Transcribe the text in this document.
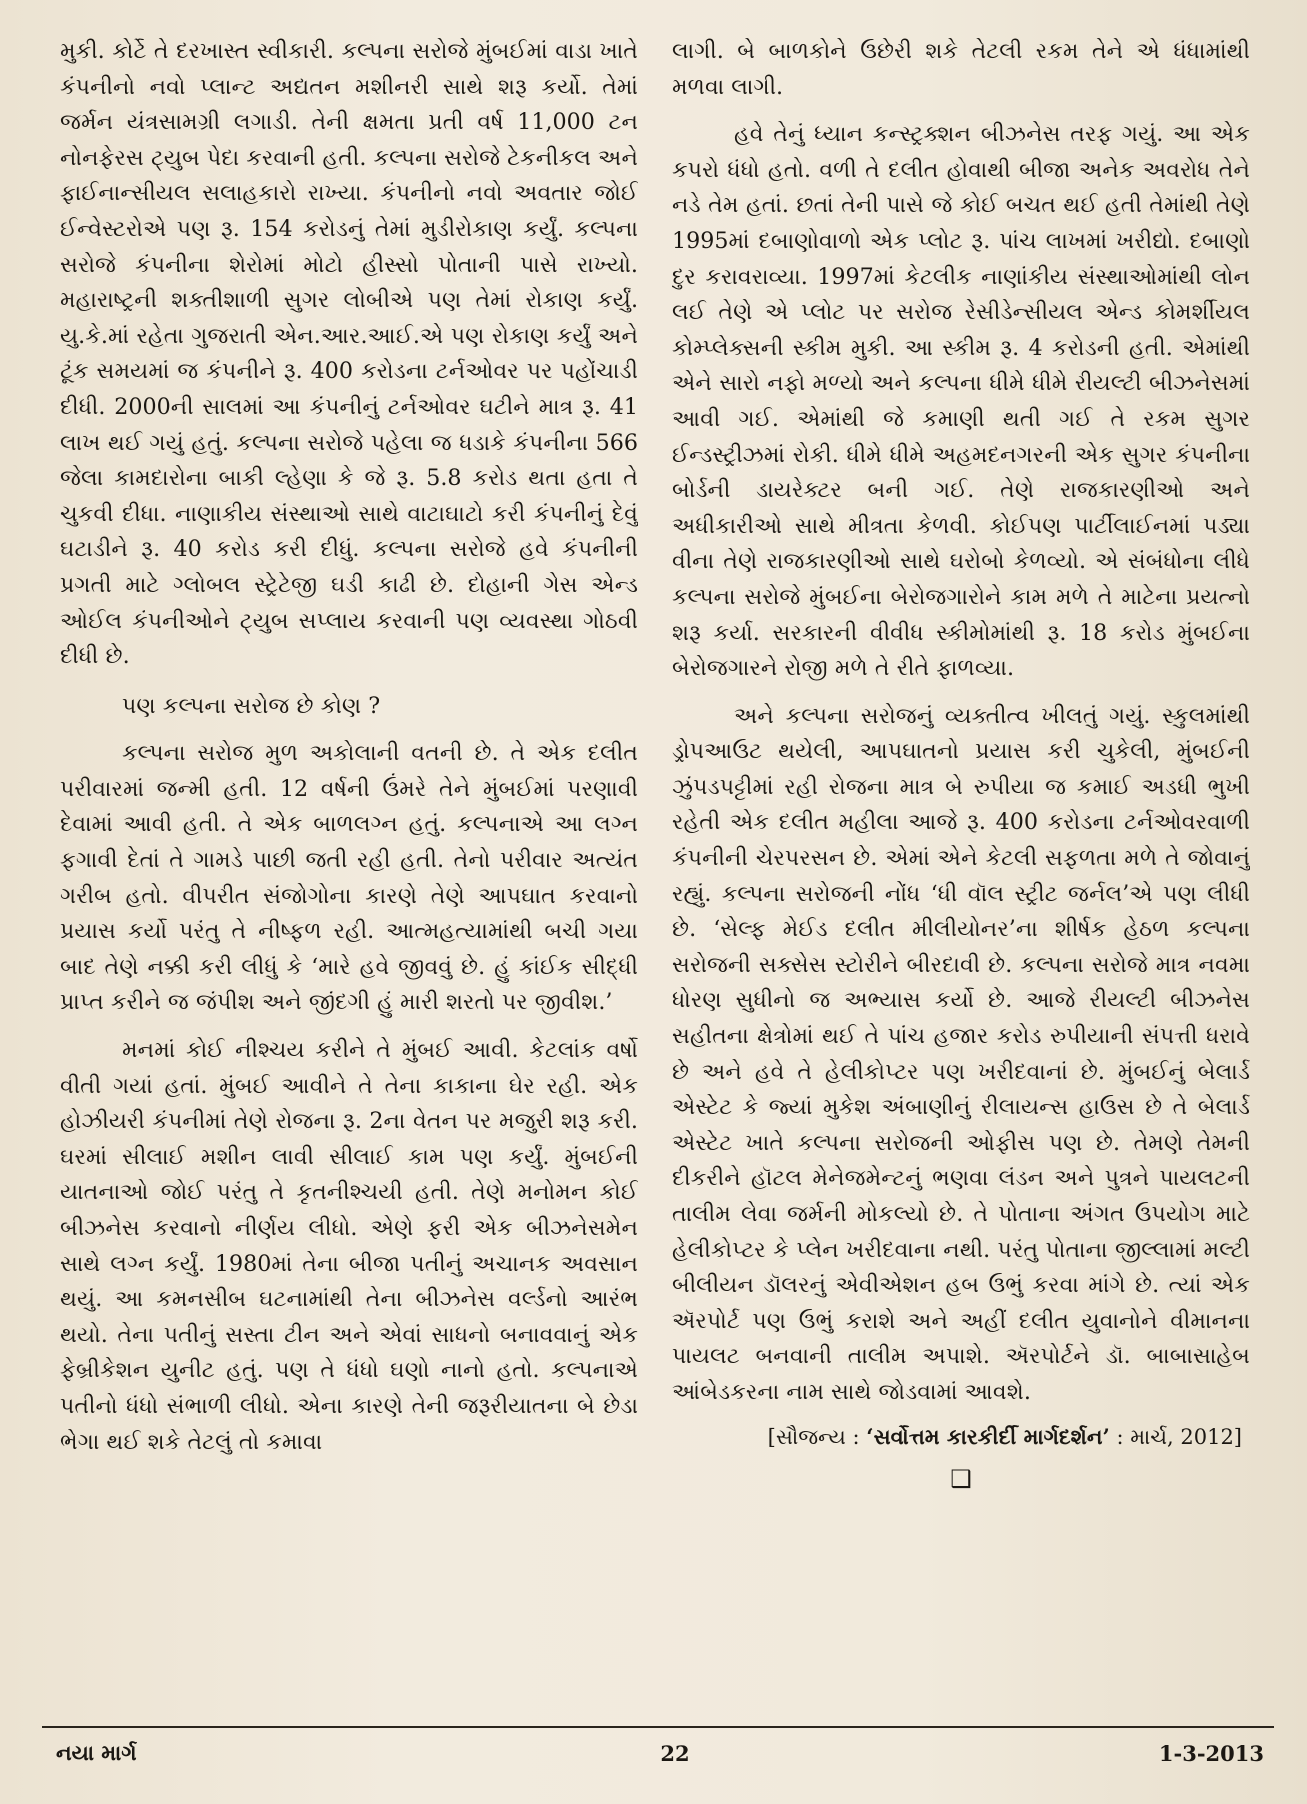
મુકી. કોર્ટે તે દરખાસ્ત સ્વીકારી. કલ્પના સરોજે મુંબઈમાં વાડા ખાતે કંપનીનો નવો પ્લાન્ટ અદ્યતન મશીનરી સાથે શરૂ કર્યો. તેમાં જર્મન યંત્રસામગ્રી લગાડી. તેની ક્ષમતા પ્રતી વર્ષ 11,000 ટન નોનફેરસ ટ્યુબ પેદા કરવાની હતી. કલ્પના સરોજે ટેકનીકલ અને ફાઈનાન્સીયલ સલાહકારો રાખ્યા. કંપનીનો નવો અવતાર જોઈ ઈન્વેસ્ટરોએ પણ રૂ. 154 કરોડનું તેમાં મુડીરોકાણ કર્યું. કલ્પના સરોજે કંપનીના શેરોમાં મોટો હીસ્સો પોતાની પાસે રાખ્યો. મહારાષ્ટ્રની શક્તીશાળી સુગર લોબીએ પણ તેમાં રોકાણ કર્યું. યુ.કે.માં રહેતા ગુજરાતી એન.આર.આઈ.એ પણ રોકાણ કર્યું અને ટૂંક સમયમાં જ કંપનીને રૂ. 400 કરોડના ટર્નઓવર પર પહોંચાડી દીધી. 2000ની સાલમાં આ કંપનીનું ટર્નઓવર ઘટીને માત્ર રૂ. 41 લાખ થઈ ગયું હતું. કલ્પના સરોજે પહેલા જ ધડાકે કંપનીના 566 જેલા કામદારોના બાકી લ્હેણા કે જે રૂ. 5.8 કરોડ થતા હતા તે ચુકવી દીધા. નાણાકીય સંસ્થાઓ સાથે વાટાઘાટો કરી કંપનીનું દેવું ઘટાડીને રૂ. 40 કરોડ કરી દીધું. કલ્પના સરોજે હવે કંપનીની પ્રગતી માટે ગ્લોબલ સ્ટ્રેટેજી ઘડી કાઢી છે. દોહાની ગેસ એન્ડ ઓઈલ કંપનીઓને ટ્યુબ સપ્લાય કરવાની પણ વ્યવસ્થા ગોઠવી દીધી છે.

પણ કલ્પના સરોજ છે કોણ ?

કલ્પના સરોજ મુળ અકોલાની વતની છે. તે એક દલીત પરીવારમાં જન્મી હતી. 12 વર્ષની ઉંમરે તેને મુંબઈમાં પરણાવી દેવામાં આવી હતી. તે એક બાળલગ્ન હતું. કલ્પનાએ આ લગ્ન ફગાવી દેતાં તે ગામડે પાછી જતી રહી હતી. તેનો પરીવાર અત્યંત ગરીબ હતો. વીપરીત સંજોગોના કારણે તેણે આપઘાત કરવાનો પ્રયાસ કર્યો પરંતુ તે નીષ્ફળ રહી. આત્મહત્યામાંથી બચી ગયા બાદ તેણે નક્કી કરી લીધું કે ‘મારે હવે જીવવું છે. હું કાંઈક સીદ્ધી પ્રાપ્ત કરીને જ જંપીશ અને જીંદગી હું મારી શરતો પર જીવીશ.’

મનમાં કોઈ નીશ્ચય કરીને તે મુંબઈ આવી. કેટલાંક વર્ષો વીતી ગયાં હતાં. મુંબઈ આવીને તે તેના કાકાના ઘેર રહી. એક હોઝીયરી કંપનીમાં તેણે રોજના રૂ. 2ના વેતન પર મજુરી શરૂ કરી. ઘરમાં સીલાઈ મશીન લાવી સીલાઈ કામ પણ કર્યું. મુંબઈની યાતનાઓ જોઈ પરંતુ તે કૃતનીશ્ચયી હતી. તેણે મનોમન કોઈ બીઝનેસ કરવાનો નીર્ણય લીધો. એણે ફરી એક બીઝનેસમેન સાથે લગ્ન કર્યું. 1980માં તેના બીજા પતીનું અચાનક અવસાન થયું. આ કમનસીબ ઘટનામાંથી તેના બીઝનેસ વર્લ્ડનો આરંભ થયો. તેના પતીનું સસ્તા ટીન અને એવાં સાધનો બનાવવાનું એક ફેબ્રીકેશન યુનીટ હતું. પણ તે ધંધો ઘણો નાનો હતો. કલ્પનાએ પતીનો ધંધો સંભાળી લીધો. એના કારણે તેની જરૂરીયાતના બે છેડા ભેગા થઈ શકે તેટલું તો કમાવા

લાગી. બે બાળકોને ઉછેરી શકે તેટલી રકમ તેને એ ધંધામાંથી મળવા લાગી.

હવે તેનું ધ્યાન કન્સ્ટ્રક્શન બીઝનેસ તરફ ગયું. આ એક કપરો ધંધો હતો. વળી તે દલીત હોવાથી બીજા અનેક અવરોધ તેને નડે તેમ હતાં. છતાં તેની પાસે જે કોઈ બચત થઈ હતી તેમાંથી તેણે 1995માં દબાણોવાળો એક પ્લોટ રૂ. પાંચ લાખમાં ખરીદ્યો. દબાણો દુર કરાવરાવ્યા. 1997માં કેટલીક નાણાંકીય સંસ્થાઓમાંથી લોન લઈ તેણે એ પ્લોટ પર સરોજ રેસીડેન્સીયલ એન્ડ કોમર્શીયલ કોમ્પ્લેક્સની સ્કીમ મુકી. આ સ્કીમ રૂ. 4 કરોડની હતી. એમાંથી એને સારો નફો મળ્યો અને કલ્પના ધીમે ધીમે રીયલ્ટી બીઝનેસમાં આવી ગઈ. એમાંથી જે કમાણી થતી ગઈ તે રકમ સુગર ઈન્ડસ્ટ્રીઝમાં રોકી. ધીમે ધીમે અહમદનગરની એક સુગર કંપનીના બોર્ડની ડાયરેક્ટર બની ગઈ. તેણે રાજકારણીઓ અને અધીકારીઓ સાથે મીત્રતા કેળવી. કોઈપણ પાર્ટીલાઈનમાં પડ્યા વીના તેણે રાજકારણીઓ સાથે ઘરોબો કેળવ્યો. એ સંબંધોના લીધે કલ્પના સરોજે મુંબઈના બેરોજગારોને કામ મળે તે માટેના પ્રયત્નો શરૂ કર્યા. સરકારની વીવીધ સ્કીમોમાંથી રૂ. 18 કરોડ મુંબઈના બેરોજગારને રોજી મળે તે રીતે ફાળવ્યા.

અને કલ્પના સરોજનું વ્યક્તીત્વ ખીલતું ગયું. સ્કુલમાંથી ડ્રોપઆઉટ થયેલી, આપઘાતનો પ્રયાસ કરી ચુકેલી, મુંબઈની ઝુંપડપટ્ટીમાં રહી રોજના માત્ર બે રુપીયા જ કમાઈ અડધી ભુખી રહેતી એક દલીત મહીલા આજે રૂ. 400 કરોડના ટર્નઓવરવાળી કંપનીની ચેરપરસન છે. એમાં એને કેટલી સફળતા મળે તે જોવાનું રહ્યું. કલ્પના સરોજની નોંધ ‘ધી વૉલ સ્ટ્રીટ જર્નલ’એ પણ લીધી છે. ‘સેલ્ફ મેઈડ દલીત મીલીયોનર’ના શીર્ષક હેઠળ કલ્પના સરોજની સક્સેસ સ્ટોરીને બીરદાવી છે. કલ્પના સરોજે માત્ર નવમા ધોરણ સુધીનો જ અભ્યાસ કર્યો છે. આજે રીયલ્ટી બીઝનેસ સહીતના ક્ષેત્રોમાં થઈ તે પાંચ હજાર કરોડ રુપીયાની સંપત્તી ધરાવે છે અને હવે તે હેલીકોપ્ટર પણ ખરીદવાનાં છે. મુંબઈનું બેલાર્ડ એસ્ટેટ કે જ્યાં મુકેશ અંબાણીનું રીલાયન્સ હાઉસ છે તે બેલાર્ડ એસ્ટેટ ખાતે કલ્પના સરોજની ઓફીસ પણ છે. તેમણે તેમની દીકરીને હૉટલ મેનેજમેન્ટનું ભણવા લંડન અને પુત્રને પાયલટની તાલીમ લેવા જર્મની મોકલ્યો છે. તે પોતાના અંગત ઉપયોગ માટે હેલીકોપ્ટર કે પ્લેન ખરીદવાના નથી. પરંતુ પોતાના જીલ્લામાં મલ્ટી બીલીયન ડૉલરનું એવીએશન હબ ઉભું કરવા માંગે છે. ત્યાં એક ઍરપોર્ટ પણ ઉભું કરાશે અને અહીં દલીત યુવાનોને વીમાનના પાયલટ બનવાની તાલીમ અપાશે. ઍરપોર્ટને ડૉ. બાબાસાહેબ આંબેડકરના નામ સાથે જોડવામાં આવશે.

[સૌજન્ય : ‘સર્વોત્તમ કારકીર્દી માર્ગદર્શન’ : માર્ચ, 2012]
❑
નયા માર્ગ	22	1-3-2013
